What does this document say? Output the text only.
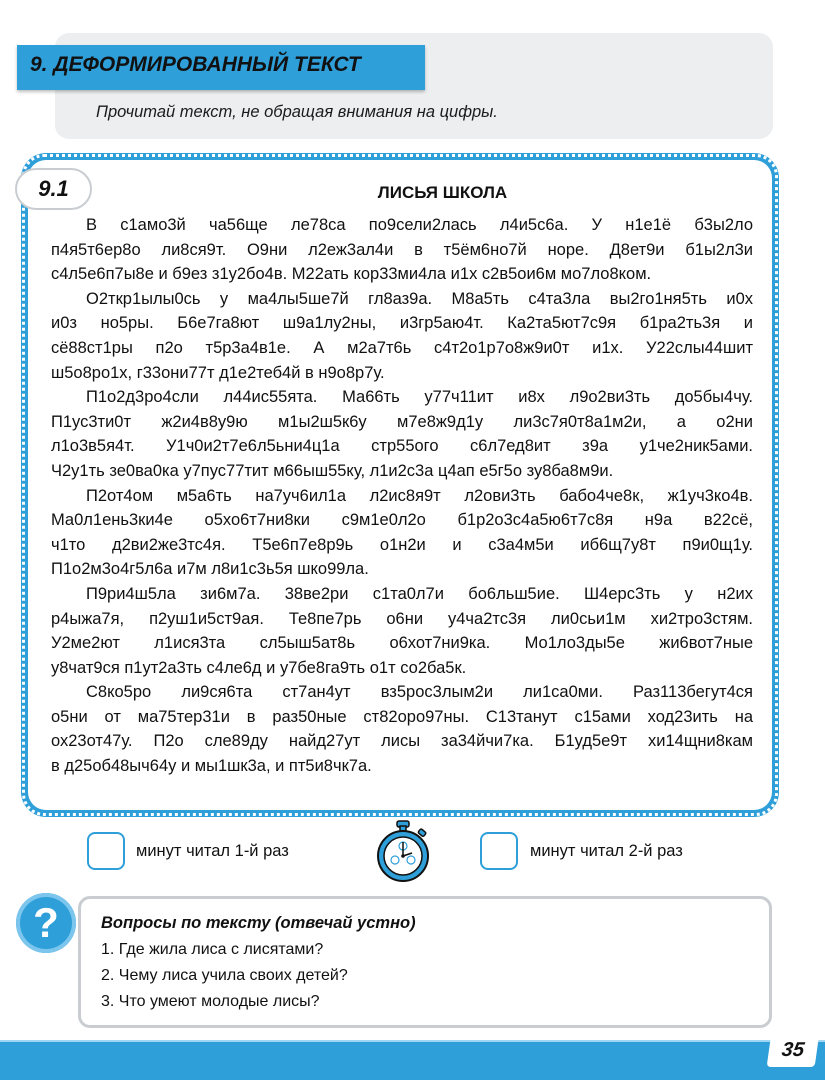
9. ДЕФОРМИРОВАННЫЙ ТЕКСТ
Прочитай текст, не обращая внимания на цифры.
9.1	ЛИСЬЯ ШКОЛА
В с1амо3й ча56ще ле78са по9сели2лась л4и5с6а. У н1е1ё б3ы2ло
п4я5т6ер8о ли8ся9т. О9ни л2еж3ал4и в т5ём6но7й норе. Д8ет9и б1ы2л3и
с4л5е6п7ы8е и б9ез з1у2бо4в. М22ать кор33ми4ла и1х с2в5ои6м мо7ло8ком.
О2ткр1ылы0сь у ма4лы5ше7й гл8аз9а. М8а5ть с4та3ла вы2го1ня5ть и0х
и0з но5ры. Б6е7га8ют ш9а1лу2ны, и3гр5аю4т. Ка2та5ют7с9я б1ра2ть3я и
сё88ст1ры п2о т5р3а4в1е. А м2а7т6ь с4т2о1р7о8ж9и0т и1х. У22слы44шит
ш5о8ро1х, г33они77т д1е2теб4й в н9о8р7у.
П1о2д3ро4сли л44ис55ята. Ма66ть у77ч11ит и8х л9о2ви3ть до5бы4чу.
П1ус3ти0т ж2и4в8у9ю м1ы2ш5к6у м7е8ж9д1у ли3с7я0т8а1м2и, а о2ни
л1о3в5я4т. У1ч0и2т7е6л5ьни4ц1а стр55ого с6л7ед8ит з9а у1че2ник5ами.
Ч2у1ть зе0ва0ка у7пус77тит м66ыш55ку, л1и2с3а ц4ап е5г5о зу8ба8м9и.
П2от4ом м5а6ть на7уч6ил1а л2ис8я9т л2ови3ть бабо4че8к, ж1уч3ко4в.
Ма0л1ень3ки4е о5хо6т7ни8ки с9м1е0л2о б1р2о3с4а5ю6т7с8я н9а в22сё,
ч1то д2ви2же3тс4я. Т5е6п7е8р9ь о1н2и и с3а4м5и иб6щ7у8т п9и0щ1у.
П1о2м3о4г5л6а и7м л8и1с3ь5я шко99ла.
П9ри4ш5ла зи6м7а. 38ве2ри с1та0л7и бо6льш5ие. Ш4ерс3ть у н2их
р4ыжа7я, п2уш1и5ст9ая. Те8пе7рь о6ни у4ча2тс3я ли0сьи1м хи2тро3стям.
У2ме2ют л1ися3та сл5ыш5ат8ь о6хот7ни9ка. Мо1ло3ды5е жи6вот7ные
у8чат9ся п1ут2а3ть с4ле6д и у7бе8га9ть о1т со2ба5к.
С8ко5ро ли9ся6та ст7ан4ут вз5рос3лым2и ли1са0ми. Раз113бегут4ся
о5ни от ма75тер31и в раз50ные ст82оро97ны. С13танут с15ами ход23ить на
ох23от47у. П2о сле89ду найд27ут лисы за34йчи7ка. Б1уд5е9т хи14щни8кам
в д25об48ыч64у и мы1шк3а, и пт5и8чк7а.
минут читал 1-й раз	минут читал 2-й раз
?	Вопросы по тексту (отвечай устно)
1. Где жила лиса с лисятами?
2. Чему лиса учила своих детей?
3. Что умеют молодые лисы?
35
